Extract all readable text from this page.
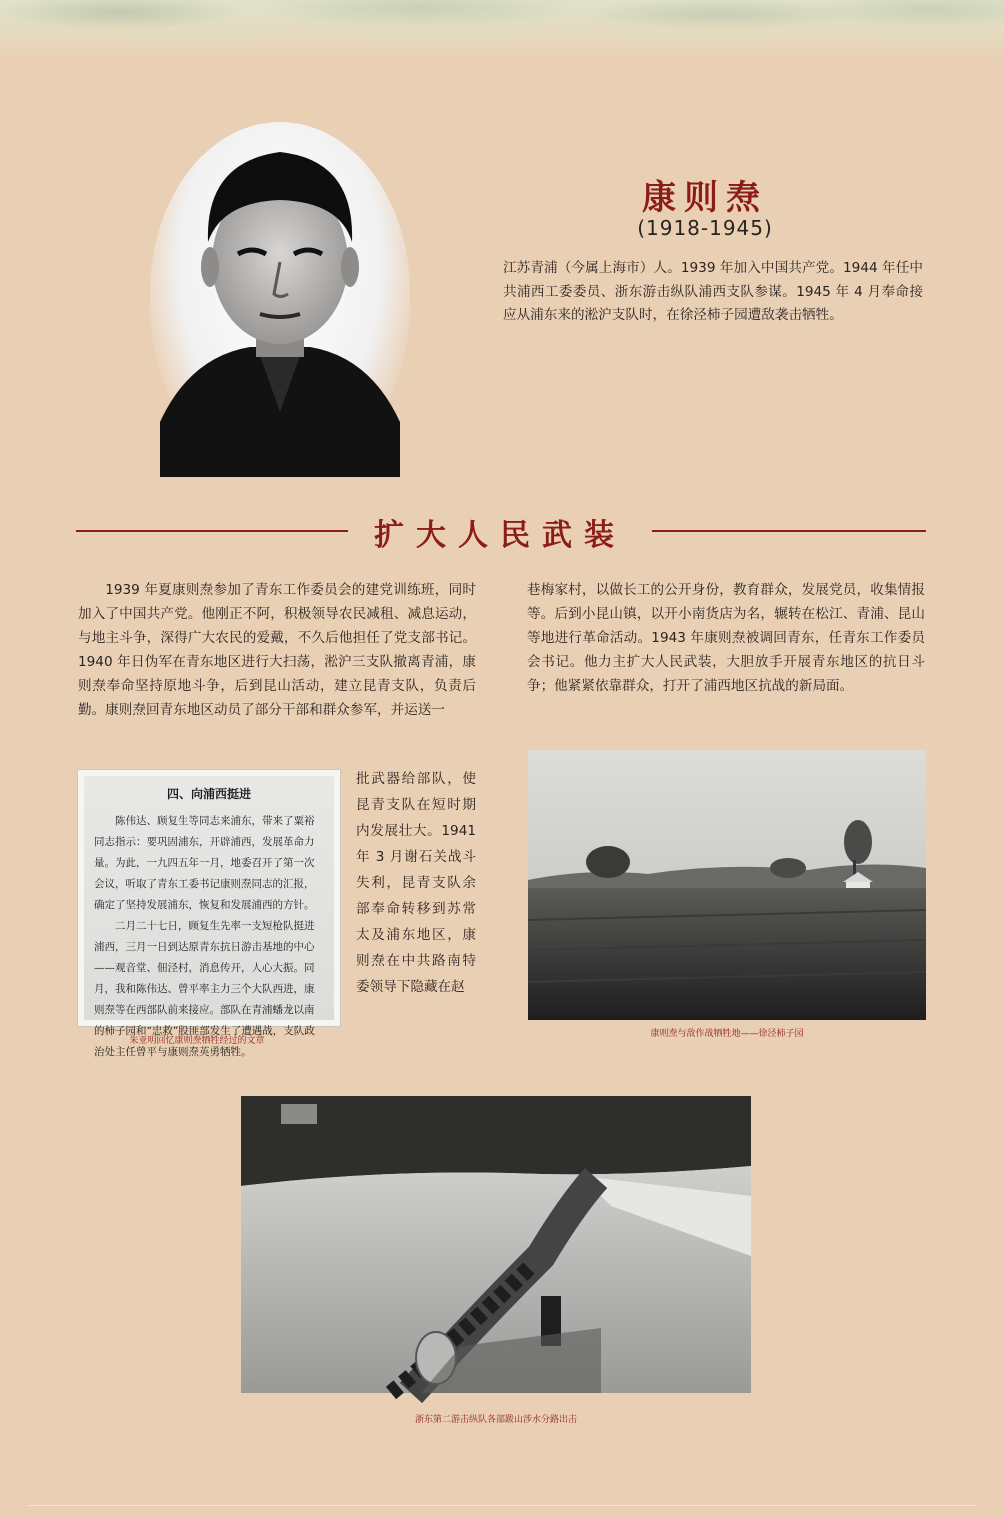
康则焘
(1918-1945)
江苏青浦（今属上海市）人。1939 年加入中国共产党。1944 年任中共浦西工委委员、浙东游击纵队浦西支队参谋。1945 年 4 月奉命接应从浦东来的淞沪支队时，在徐泾柿子园遭敌袭击牺牲。
扩大人民武装
1939 年夏康则焘参加了青东工作委员会的建党训练班，同时加入了中国共产党。他刚正不阿，积极领导农民减租、减息运动，与地主斗争，深得广大农民的爱戴，不久后他担任了党支部书记。1940 年日伪军在青东地区进行大扫荡，淞沪三支队撤离青浦，康则焘奉命坚持原地斗争，后到昆山活动，建立昆青支队，负责后勤。康则焘回青东地区动员了部分干部和群众参军，并运送一
批武器给部队，使昆青支队在短时期内发展壮大。1941 年 3 月谢石关战斗失利，昆青支队余部奉命转移到苏常太及浦东地区，康则焘在中共路南特委领导下隐藏在赵
巷梅家村，以做长工的公开身份，教育群众，发展党员，收集情报等。后到小昆山镇，以开小南货店为名，辗转在松江、青浦、昆山等地进行革命活动。1943 年康则焘被调回青东，任青东工作委员会书记。他力主扩大人民武装，大胆放手开展青东地区的抗日斗争；他紧紧依靠群众，打开了浦西地区抗战的新局面。
四、向浦西挺进
陈伟达、顾复生等同志来浦东，带来了粟裕同志指示：要巩固浦东，开辟浦西，发展革命力量。为此，一九四五年一月，地委召开了第一次会议，听取了青东工委书记康则焘同志的汇报，确定了坚持发展浦东，恢复和发展浦西的方针。
二月二十七日，顾复生先率一支短枪队挺进浦西，三月一日到达原青东抗日游击基地的中心——观音堂、佃泾村，消息传开，人心大振。同月，我和陈伟达、曾平率主力三个大队西进，康则焘等在西部队前来接应。部队在青浦蟠龙以南的柿子园和“忠救”股匪部发生了遭遇战，支队政治处主任曾平与康则焘英勇牺牲。
朱亚明回忆康则焘牺牲经过的文章
康则焘与敌作战牺牲地——徐泾柿子园
浙东第二游击纵队各部跋山涉水分路出击
